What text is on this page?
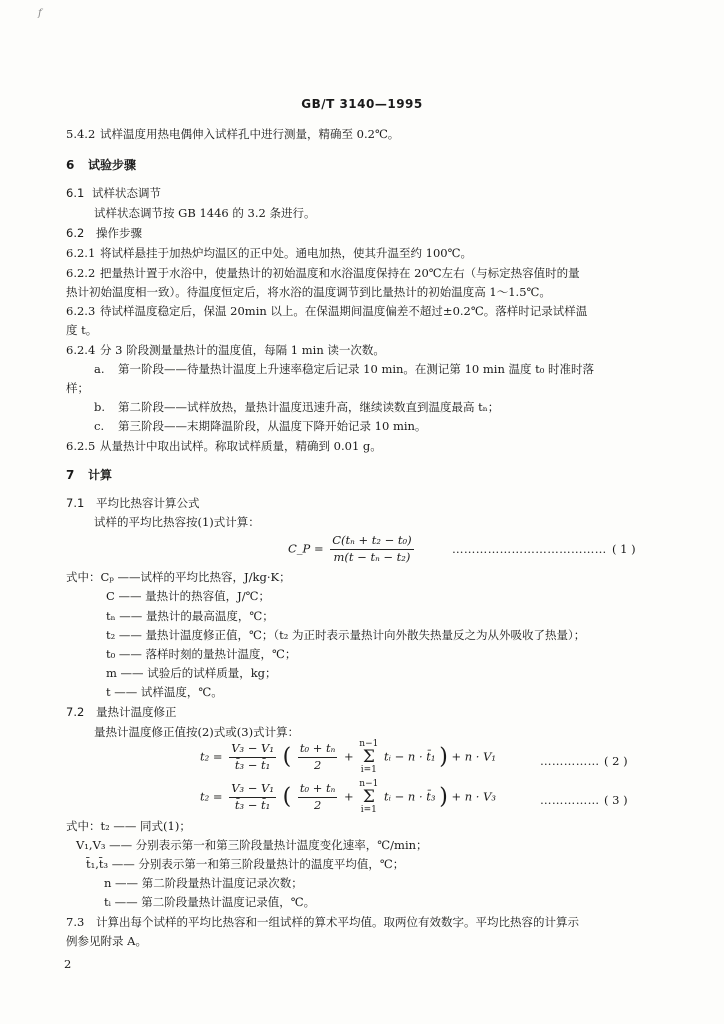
f
GB/T 3140—1995
5.4.2 试样温度用热电偶伸入试样孔中进行测量，精确至 0.2℃。
6 试验步骤
6.1 试样状态调节
试样状态调节按 GB 1446 的 3.2 条进行。
6.2 操作步骤
6.2.1 将试样悬挂于加热炉均温区的正中处。通电加热，使其升温至约 100℃。
6.2.2 把量热计置于水浴中，使量热计的初始温度和水浴温度保持在 20℃左右（与标定热容值时的量
热计初始温度相一致）。待温度恒定后，将水浴的温度调节到比量热计的初始温度高 1～1.5℃。
6.2.3 待试样温度稳定后，保温 20min 以上。在保温期间温度偏差不超过±0.2℃。落样时记录试样温
度 t。
6.2.4 分 3 阶段测量量热计的温度值，每隔 1 min 读一次数。
a. 第一阶段——待量热计温度上升速率稳定后记录 10 min。在测记第 10 min 温度 t₀ 时准时落
样；
b. 第二阶段——试样放热，量热计温度迅速升高，继续读数直到温度最高 tₙ；
c. 第三阶段——末期降温阶段，从温度下降开始记录 10 min。
6.2.5 从量热计中取出试样。称取试样质量，精确到 0.01 g。
7 计算
7.1 平均比热容计算公式
试样的平均比热容按(1)式计算：
C_P = $\frac{\text{C(tₙ + t₂ − t₀)}}{\text{m(t − tₙ − t₂)}}$	………………………………… ( 1 )
式中：Cₚ ——试样的平均比热容，J/kg·K；
C —— 量热计的热容值，J/℃；
tₙ —— 量热计的最高温度，℃；
t₂ —— 量热计温度修正值，℃；（t₂ 为正时表示量热计向外散失热量反之为从外吸收了热量）；
t₀ —— 落样时刻的量热计温度，℃；
m —— 试验后的试样质量，kg；
t —— 试样温度，℃。
7.2 量热计温度修正
量热计温度修正值按(2)式或(3)式计算：
$t_2 = \frac{\text{V₃ − V₁}}{\text{t̄₃ − t̄₁}}$ ( $\frac{\text{t₀ + tₙ}}{2} + n-1$
Σ
i=1 tᵢ − n · t̄₁ ) + n · V₁	…………… ( 2 )
$t_2 = \frac{\text{V₃ − V₁}}{\text{t̄₃ − t̄₁}}$ ( $\frac{\text{t₀ + tₙ}}{2} + n-1$
Σ
i=1 tᵢ − n · t̄₃ ) + n · V₃	…………… ( 3 )
式中：t₂ —— 同式(1)；
V₁,V₃ —— 分别表示第一和第三阶段量热计温度变化速率，℃/min；
t̄₁,t̄₃ —— 分别表示第一和第三阶段量热计的温度平均值，℃；
n —— 第二阶段量热计温度记录次数；
tᵢ —— 第二阶段量热计温度记录值，℃。
7.3 计算出每个试样的平均比热容和一组试样的算术平均值。取两位有效数字。平均比热容的计算示
例参见附录 A。
2
